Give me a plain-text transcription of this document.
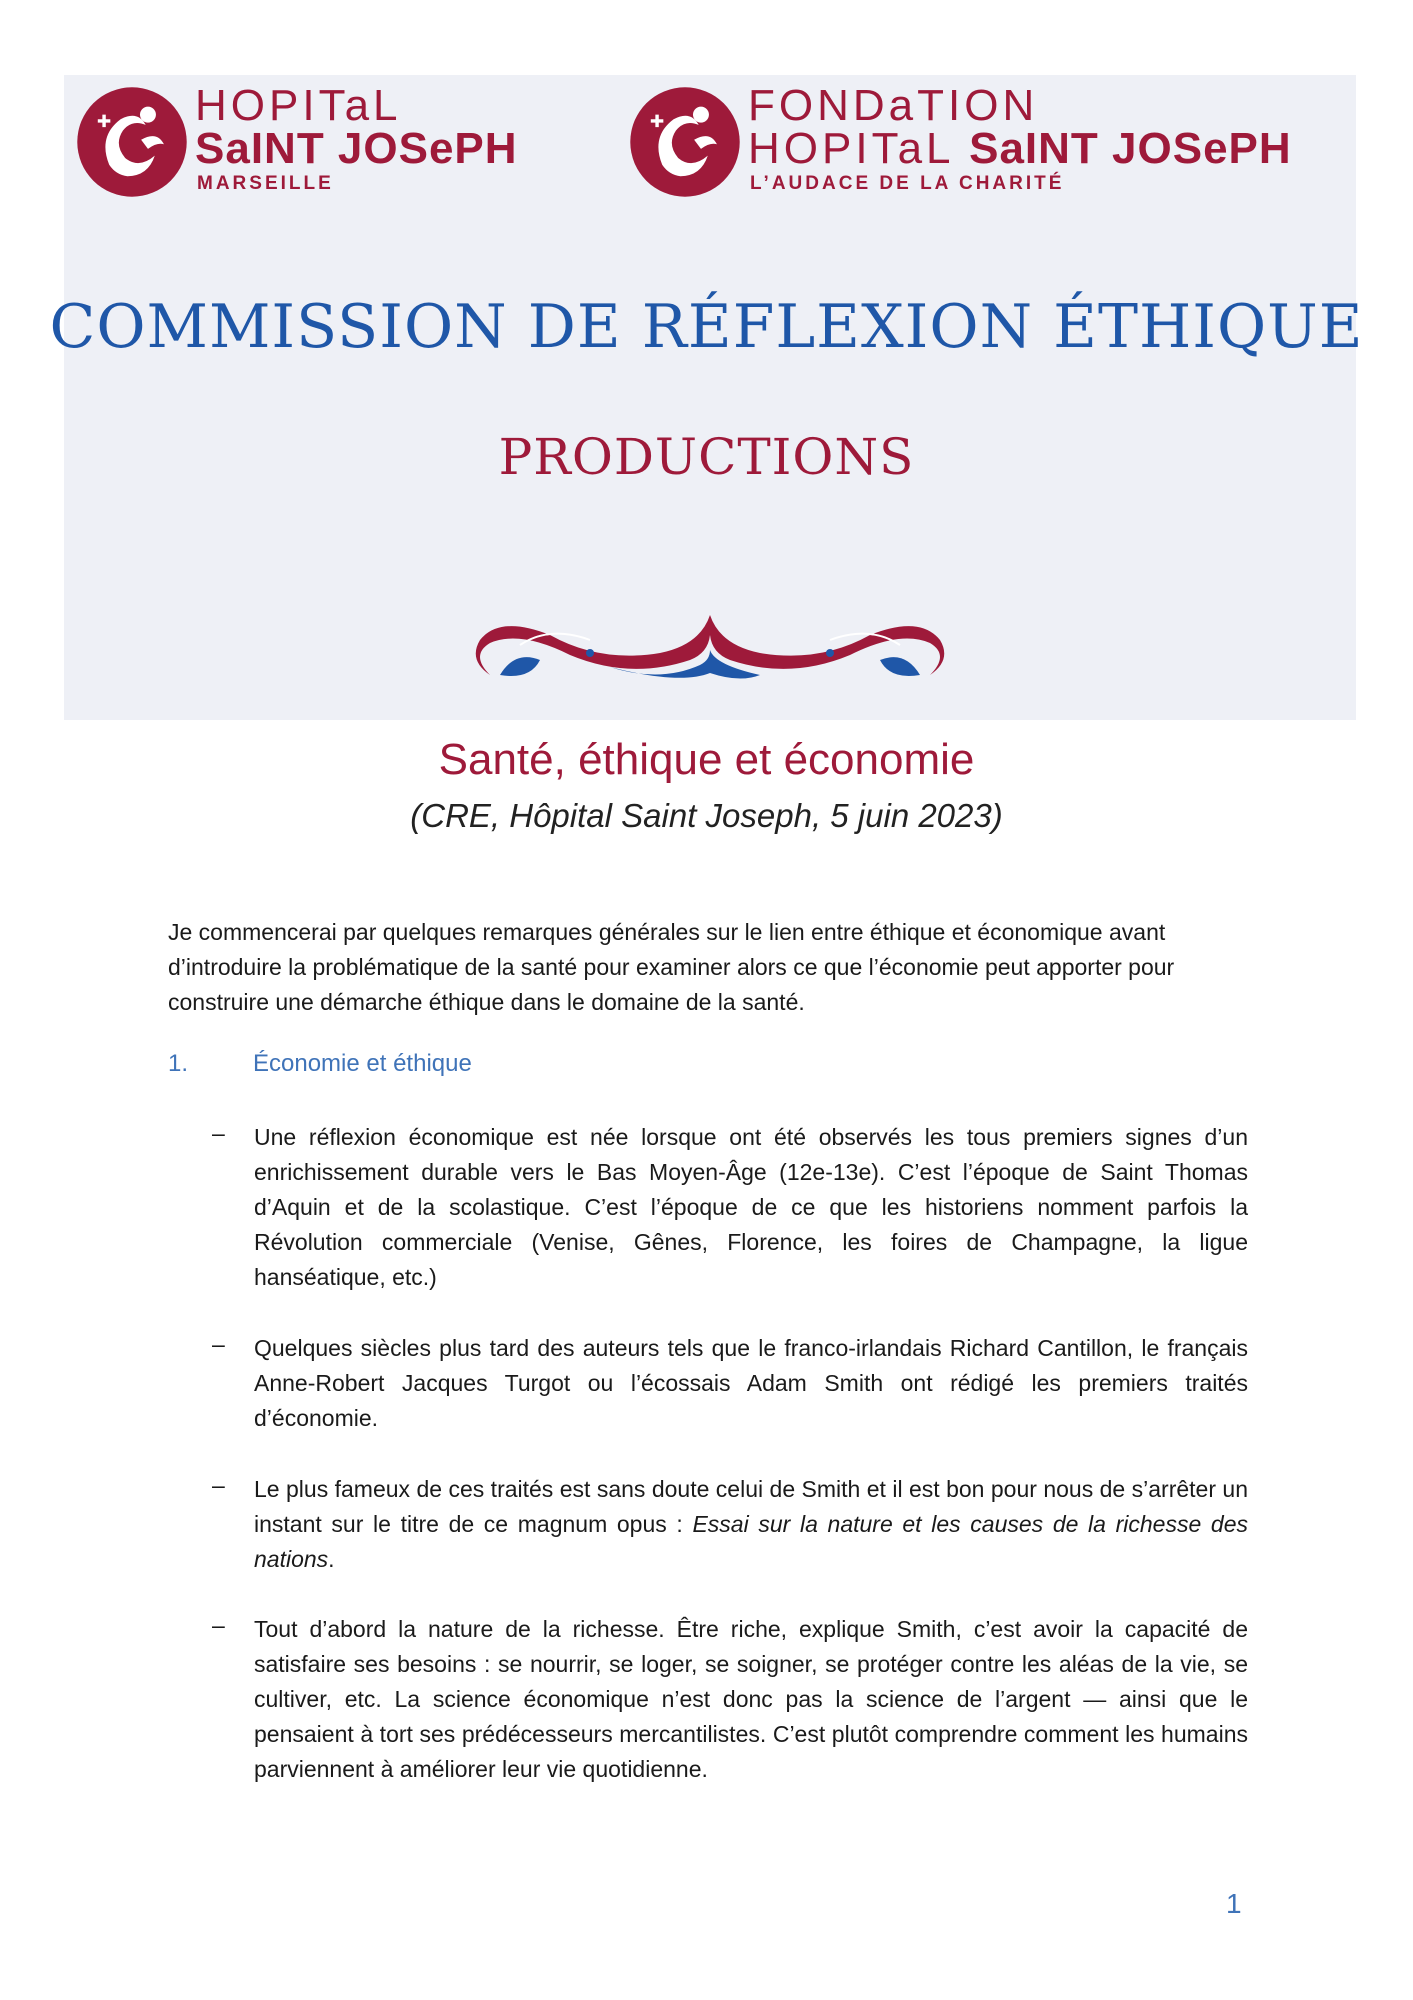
HOPITaL
SaINT JOSePH
MARSEILLE
FONDaTION
HOPITaL SaINT JOSePH
L’AUDACE DE LA CHARITÉ
COMMISSION DE RÉFLEXION ÉTHIQUE
PRODUCTIONS
Santé, éthique et économie
(CRE, Hôpital Saint Joseph, 5 juin 2023)

Je commencerai par quelques remarques générales sur le lien entre éthique et économique avant d’introduire la problématique de la santé pour examiner alors ce que l’économie peut apporter pour construire une démarche éthique dans le domaine de la santé.

1.	Économie et éthique
– Une réflexion économique est née lorsque ont été observés les tous premiers signes d’un enrichissement durable vers le Bas Moyen-Âge (12e-13e). C’est l’époque de Saint Thomas d’Aquin et de la scolastique. C’est l’époque de ce que les historiens nomment parfois la Révolution commerciale (Venise, Gênes, Florence, les foires de Champagne, la ligue hanséatique, etc.)

– Quelques siècles plus tard des auteurs tels que le franco-irlandais Richard Cantillon, le français Anne-Robert Jacques Turgot ou l’écossais Adam Smith ont rédigé les premiers traités d’économie.

– Le plus fameux de ces traités est sans doute celui de Smith et il est bon pour nous de s’arrêter un instant sur le titre de ce magnum opus : Essai sur la nature et les causes de la richesse des nations.

– Tout d’abord la nature de la richesse. Être riche, explique Smith, c’est avoir la capacité de satisfaire ses besoins : se nourrir, se loger, se soigner, se protéger contre les aléas de la vie, se cultiver, etc. La science économique n’est donc pas la science de l’argent — ainsi que le pensaient à tort ses prédécesseurs mercantilistes. C’est plutôt comprendre comment les humains parviennent à améliorer leur vie quotidienne.

1
